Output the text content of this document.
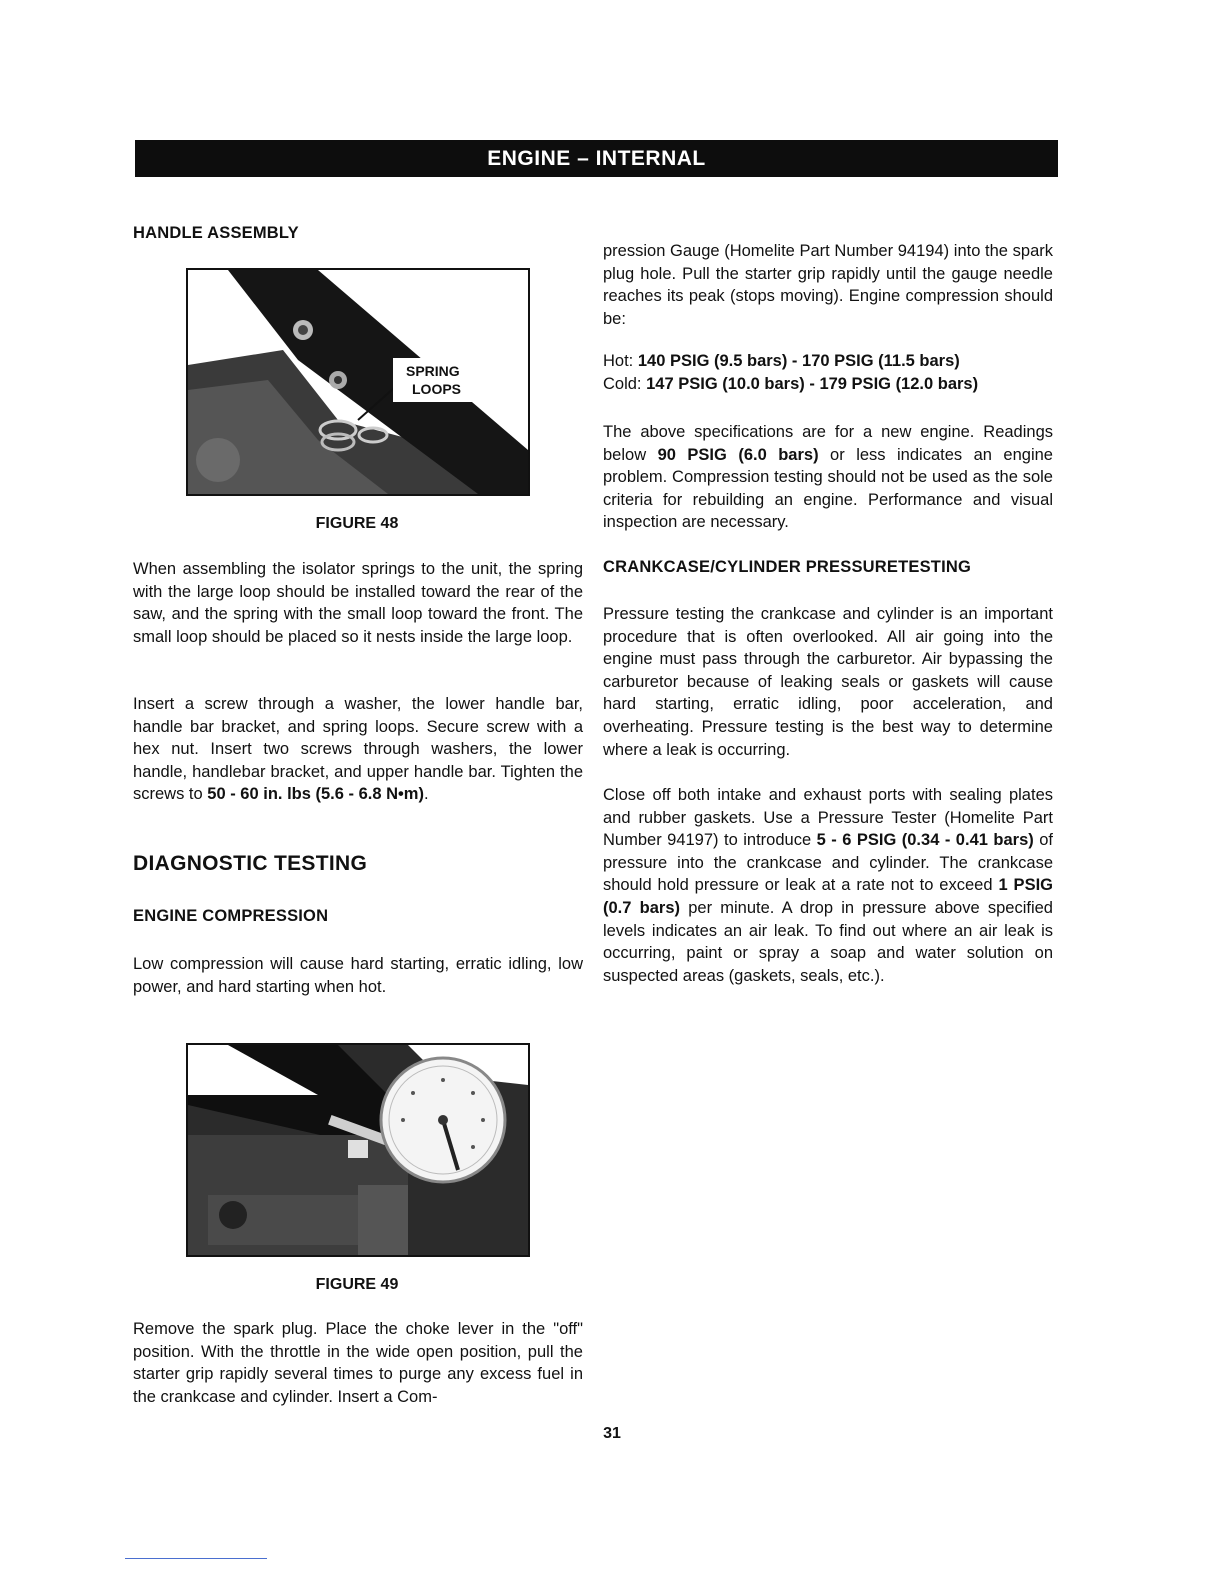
ENGINE – INTERNAL
HANDLE ASSEMBLY
SPRING
LOOPS
FIGURE 48

When assembling the isolator springs to the unit, the spring with the large loop should be installed toward the rear of the saw, and the spring with the small loop toward the front. The small loop should be placed so it nests inside the large loop.

Insert a screw through a washer, the lower handle bar, handle bar bracket, and spring loops. Secure screw with a hex nut. Insert two screws through washers, the lower handle, handlebar bracket, and upper handle bar. Tighten the screws to 50 - 60 in. lbs (5.6 - 6.8 N•m).

DIAGNOSTIC TESTING
ENGINE COMPRESSION

Low compression will cause hard starting, erratic idling, low power, and hard starting when hot.

FIGURE 49

Remove the spark plug. Place the choke lever in the "off" position. With the throttle in the wide open position, pull the starter grip rapidly several times to purge any excess fuel in the crankcase and cylinder. Insert a Com-

pression Gauge (Homelite Part Number 94194) into the spark plug hole. Pull the starter grip rapidly until the gauge needle reaches its peak (stops moving). Engine compression should be:

Hot: 140 PSIG (9.5 bars) - 170 PSIG (11.5 bars)
Cold: 147 PSIG (10.0 bars) - 179 PSIG (12.0 bars)

The above specifications are for a new engine. Readings below 90 PSIG (6.0 bars) or less indicates an engine problem. Compression testing should not be used as the sole criteria for rebuilding an engine. Performance and visual inspection are necessary.

CRANKCASE/CYLINDER PRESSURETESTING

Pressure testing the crankcase and cylinder is an important procedure that is often overlooked. All air going into the engine must pass through the carburetor. Air bypassing the carburetor because of leaking seals or gaskets will cause hard starting, erratic idling, poor acceleration, and overheating. Pressure testing is the best way to determine where a leak is occurring.

Close off both intake and exhaust ports with sealing plates and rubber gaskets. Use a Pressure Tester (Homelite Part Number 94197) to introduce 5 - 6 PSIG (0.34 - 0.41 bars) of pressure into the crankcase and cylinder. The crankcase should hold pressure or leak at a rate not to exceed 1 PSIG (0.7 bars) per minute. A drop in pressure above specified levels indicates an air leak. To find out where an air leak is occurring, paint or spray a soap and water solution on suspected areas (gaskets, seals, etc.).

31
